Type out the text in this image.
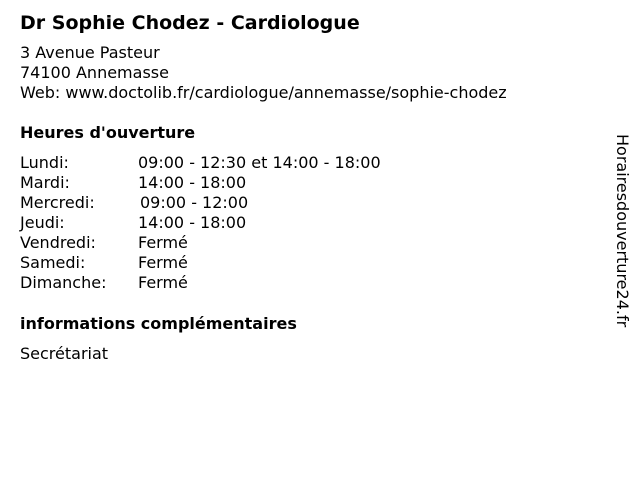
Dr Sophie Chodez - Cardiologue
3 Avenue Pasteur
74100 Annemasse
Web: www.doctolib.fr/cardiologue/annemasse/sophie-chodez
Heures d'ouverture
Lundi:	09:00 - 12:30 et 14:00 - 18:00
Mardi:	14:00 - 18:00
Mercredi:	09:00 - 12:00
Jeudi:	14:00 - 18:00
Vendredi:	Fermé
Samedi:	Fermé
Dimanche: Fermé
informations complémentaires
Secrétariat
Horairesdouverture24.fr
